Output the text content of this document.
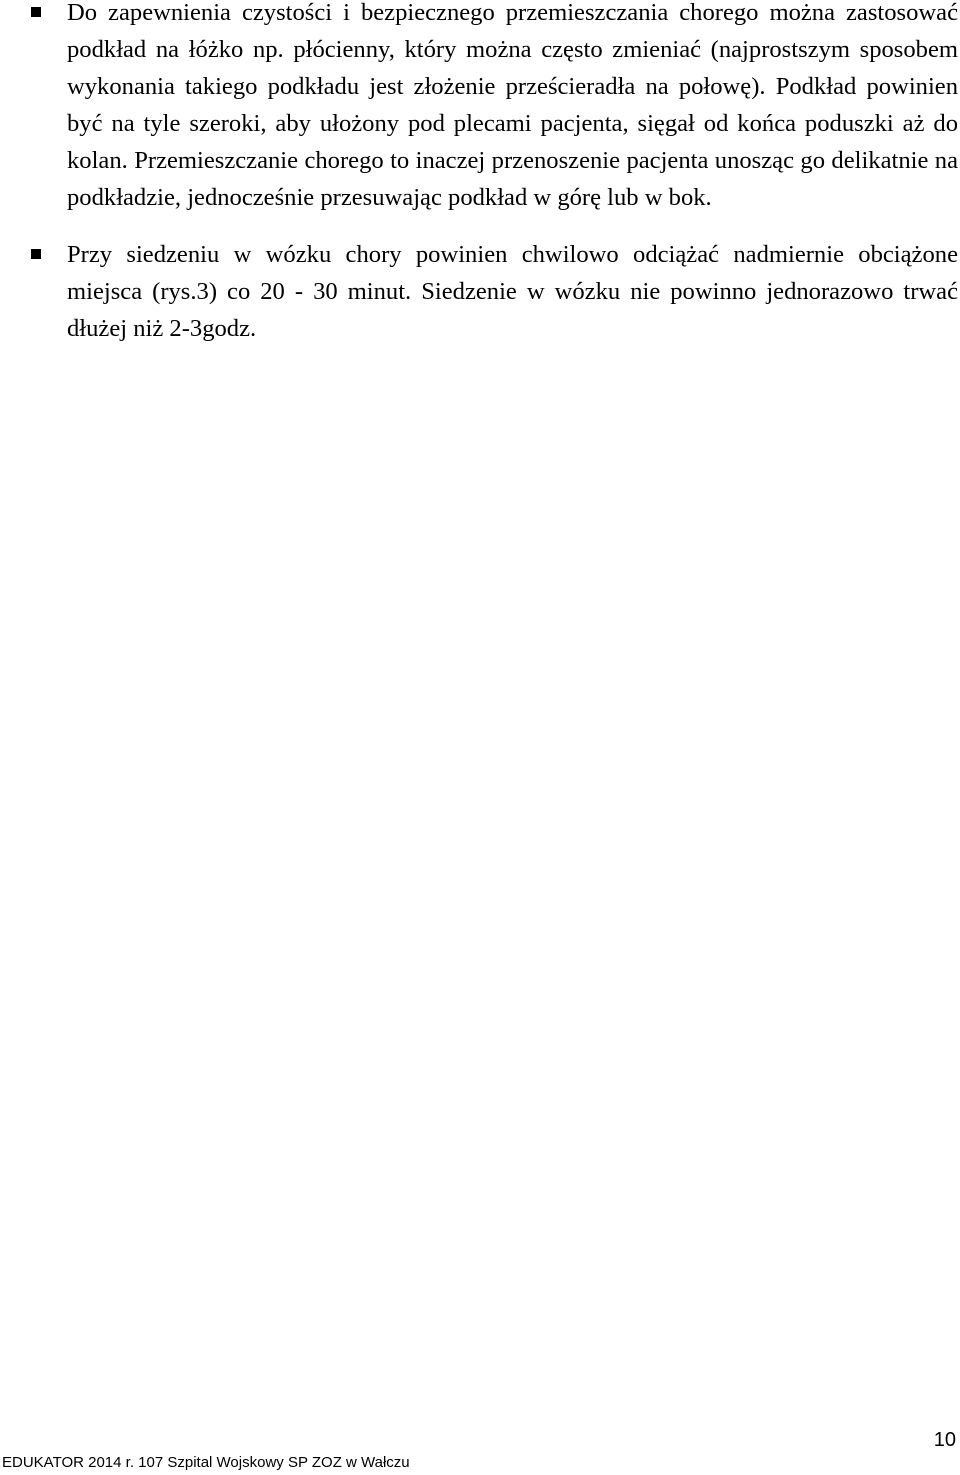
Do zapewnienia czystości i bezpiecznego przemieszczania chorego można zastosować podkład na łóżko np. płócienny, który można często zmieniać (najprostszym sposobem wykonania takiego podkładu jest złożenie prześcieradła na połowę). Podkład powinien być na tyle szeroki, aby ułożony pod plecami pacjenta, sięgał od końca poduszki aż do kolan. Przemieszczanie chorego to inaczej przenoszenie pacjenta unosząc go delikatnie na podkładzie, jednocześnie przesuwając podkład w górę lub w bok.
Przy siedzeniu w wózku chory powinien chwilowo odciążać nadmiernie obciążone miejsca (rys.3) co 20 - 30 minut. Siedzenie w wózku nie powinno jednorazowo trwać dłużej niż 2-3godz.
EDUKATOR 2014 r. 107 Szpital Wojskowy SP ZOZ w Wałczu
10
